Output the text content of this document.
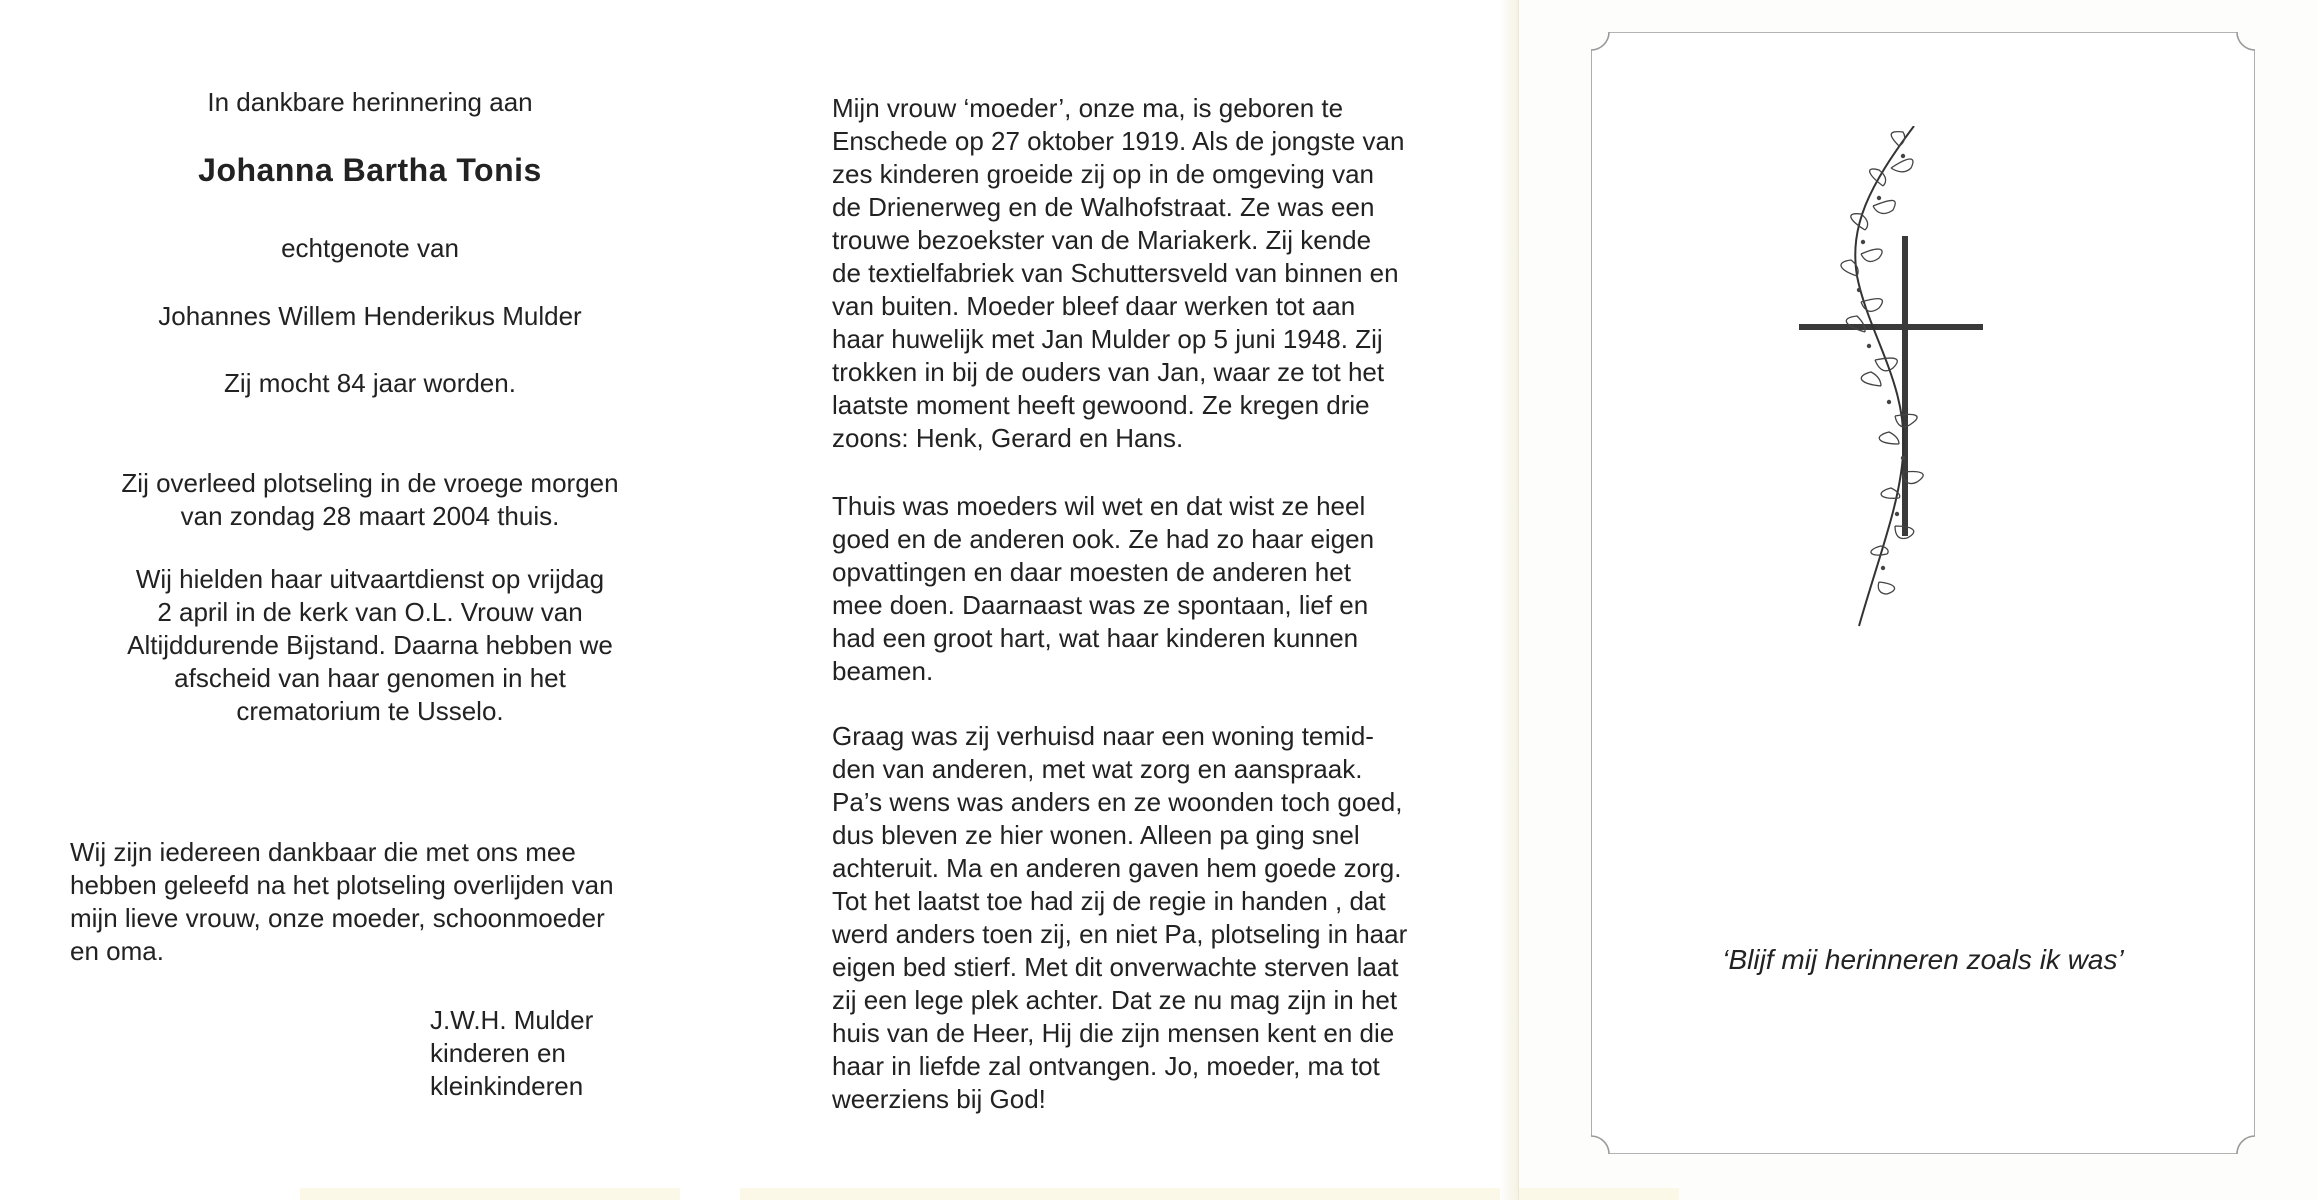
In dankbare herinnering aan
Johanna Bartha Tonis
echtgenote van
Johannes Willem Henderikus Mulder
Zij mocht 84 jaar worden.
Zij overleed plotseling in de vroege morgen
van zondag 28 maart 2004 thuis.
Wij hielden haar uitvaartdienst op vrijdag
2 april in de kerk van O.L. Vrouw van
Altijddurende Bijstand. Daarna hebben we
afscheid van haar genomen in het
crematorium te Usselo.
Wij zijn iedereen dankbaar die met ons mee
hebben geleefd na het plotseling overlijden van
mijn lieve vrouw, onze moeder, schoonmoeder
en oma.
J.W.H. Mulder
kinderen en
kleinkinderen
Mijn vrouw ‘moeder’, onze ma, is geboren te
Enschede op 27 oktober 1919. Als de jongste van
zes kinderen groeide zij op in de omgeving van
de Drienerweg en de Walhofstraat. Ze was een
trouwe bezoekster van de Mariakerk. Zij kende
de textielfabriek van Schuttersveld van binnen en
van buiten. Moeder bleef daar werken tot aan
haar huwelijk met Jan Mulder op 5 juni 1948. Zij
trokken in bij de ouders van Jan, waar ze tot het
laatste moment heeft gewoond. Ze kregen drie
zoons: Henk, Gerard en Hans.
Thuis was moeders wil wet en dat wist ze heel
goed en de anderen ook. Ze had zo haar eigen
opvattingen en daar moesten de anderen het
mee doen. Daarnaast was ze spontaan, lief en
had een groot hart, wat haar kinderen kunnen
beamen.
Graag was zij verhuisd naar een woning temid-
den van anderen, met wat zorg en aanspraak.
Pa’s wens was anders en ze woonden toch goed,
dus bleven ze hier wonen. Alleen pa ging snel
achteruit. Ma en anderen gaven hem goede zorg.
Tot het laatst toe had zij de regie in handen , dat
werd anders toen zij, en niet Pa, plotseling in haar
eigen bed stierf. Met dit onverwachte sterven laat
zij een lege plek achter. Dat ze nu mag zijn in het
huis van de Heer, Hij die zijn mensen kent en die
haar in liefde zal ontvangen. Jo, moeder, ma tot
weerziens bij God!
‘Blijf mij herinneren zoals ik was’
